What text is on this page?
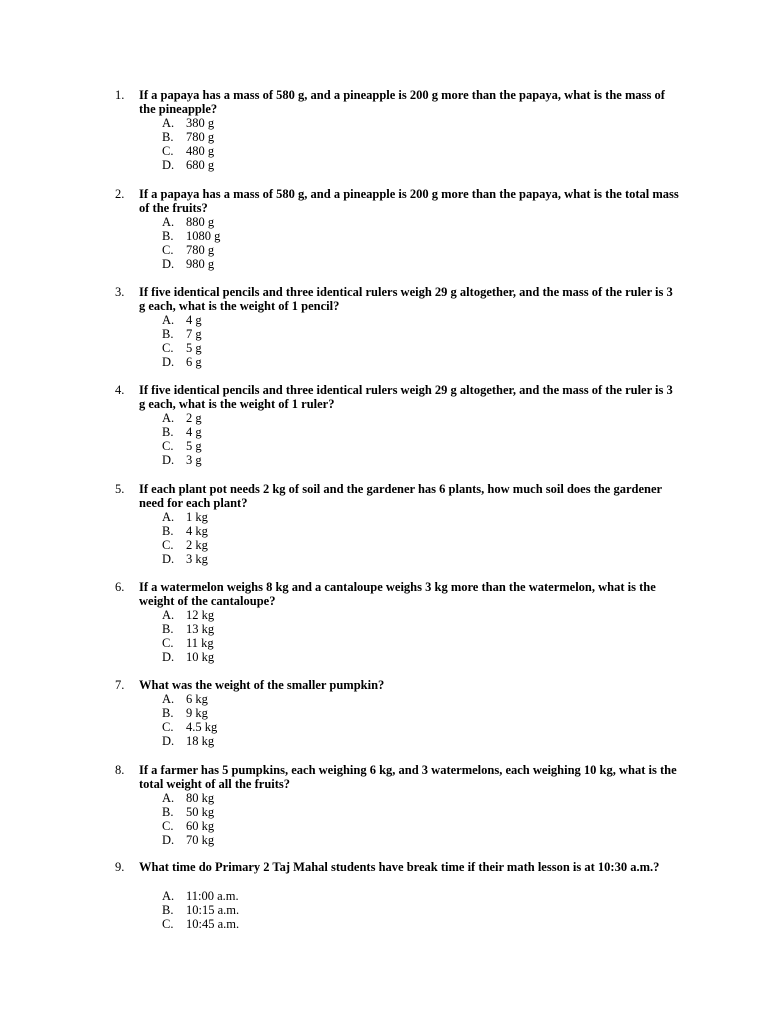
1. If a papaya has a mass of 580 g, and a pineapple is 200 g more than the papaya, what is the mass of the pineapple?
A. 380 g
B. 780 g
C. 480 g
D. 680 g
2. If a papaya has a mass of 580 g, and a pineapple is 200 g more than the papaya, what is the total mass of the fruits?
A. 880 g
B. 1080 g
C. 780 g
D. 980 g
3. If five identical pencils and three identical rulers weigh 29 g altogether, and the mass of the ruler is 3 g each, what is the weight of 1 pencil?
A. 4 g
B. 7 g
C. 5 g
D. 6 g
4. If five identical pencils and three identical rulers weigh 29 g altogether, and the mass of the ruler is 3 g each, what is the weight of 1 ruler?
A. 2 g
B. 4 g
C. 5 g
D. 3 g
5. If each plant pot needs 2 kg of soil and the gardener has 6 plants, how much soil does the gardener need for each plant?
A. 1 kg
B. 4 kg
C. 2 kg
D. 3 kg
6. If a watermelon weighs 8 kg and a cantaloupe weighs 3 kg more than the watermelon, what is the weight of the cantaloupe?
A. 12 kg
B. 13 kg
C. 11 kg
D. 10 kg
7. What was the weight of the smaller pumpkin?
A. 6 kg
B. 9 kg
C. 4.5 kg
D. 18 kg
8. If a farmer has 5 pumpkins, each weighing 6 kg, and 3 watermelons, each weighing 10 kg, what is the total weight of all the fruits?
A. 80 kg
B. 50 kg
C. 60 kg
D. 70 kg
9. What time do Primary 2 Taj Mahal students have break time if their math lesson is at 10:30 a.m.?
A. 11:00 a.m.
B. 10:15 a.m.
C. 10:45 a.m.
